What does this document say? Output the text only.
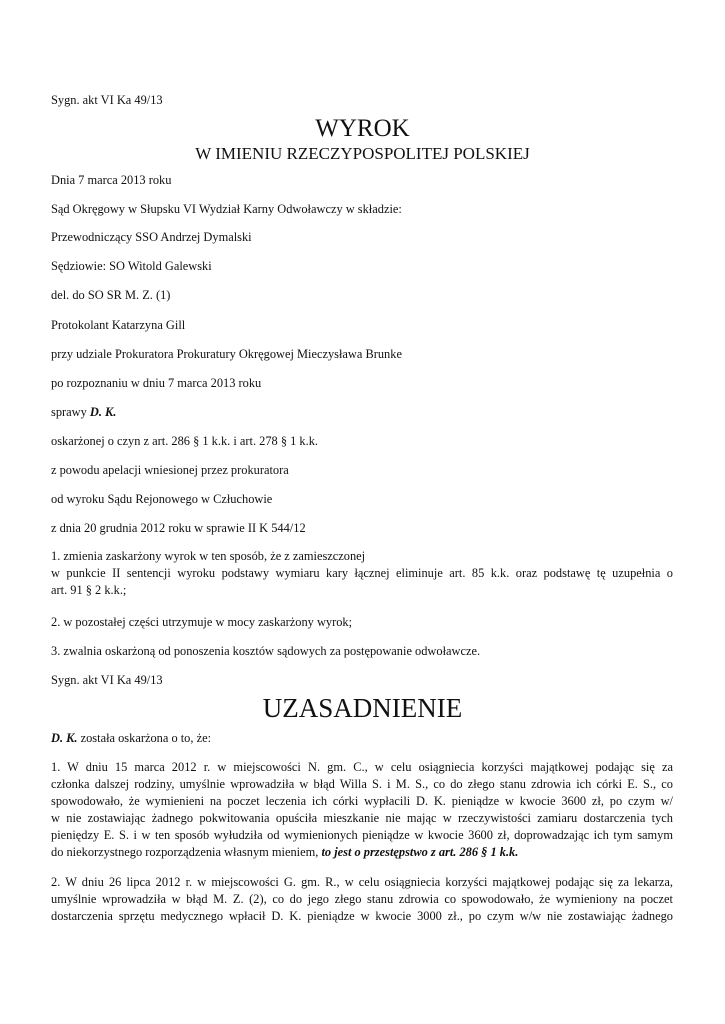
Sygn. akt VI Ka 49/13
WYROK
W IMIENIU RZECZYPOSPOLITEJ POLSKIEJ
Dnia 7 marca 2013 roku
Sąd Okręgowy w Słupsku VI Wydział Karny Odwoławczy w składzie:
Przewodniczący SSO Andrzej Dymalski
Sędziowie: SO Witold Galewski
del. do SO SR M. Z. (1)
Protokolant Katarzyna Gill
przy udziale Prokuratora Prokuratury Okręgowej Mieczysława Brunke
po rozpoznaniu w dniu 7 marca 2013 roku
sprawy D. K.
oskarżonej o czyn z art. 286 § 1 k.k. i art. 278 § 1 k.k.
z powodu apelacji wniesionej przez prokuratora
od wyroku Sądu Rejonowego w Człuchowie
z dnia 20 grudnia 2012 roku w sprawie II K 544/12
1. zmienia zaskarżony wyrok w ten sposób, że z zamieszczonej
w punkcie II sentencji wyroku podstawy wymiaru kary łącznej eliminuje art. 85 k.k. oraz podstawę tę uzupełnia o
art. 91 § 2 k.k.;
2. w pozostałej części utrzymuje w mocy zaskarżony wyrok;
3. zwalnia oskarżoną od ponoszenia kosztów sądowych za postępowanie odwoławcze.
Sygn. akt VI Ka 49/13
UZASADNIENIE
D. K. została oskarżona o to, że:
1. W dniu 15 marca 2012 r. w miejscowości N. gm. C., w celu osiągniecia korzyści majątkowej podając się za
członka dalszej rodziny, umyślnie wprowadziła w błąd Willa S. i M. S., co do złego stanu zdrowia ich córki E. S., co
spowodowało, że wymienieni na poczet leczenia ich córki wypłacili D. K. pieniądze w kwocie 3600 zł, po czym w/
w nie zostawiając żadnego pokwitowania opuściła mieszkanie nie mając w rzeczywistości zamiaru dostarczenia tych
pieniędzy E. S. i w ten sposób wyłudziła od wymienionych pieniądze w kwocie 3600 zł, doprowadzając ich tym samym
do niekorzystnego rozporządzenia własnym mieniem, to jest o przestępstwo z art. 286 § 1 k.k.
2. W dniu 26 lipca 2012 r. w miejscowości G. gm. R., w celu osiągniecia korzyści majątkowej podając się za lekarza,
umyślnie wprowadziła w błąd M. Z. (2), co do jego złego stanu zdrowia co spowodowało, że wymieniony na poczet
dostarczenia sprzętu medycznego wpłacił D. K. pieniądze w kwocie 3000 zł., po czym w/w nie zostawiając żadnego
